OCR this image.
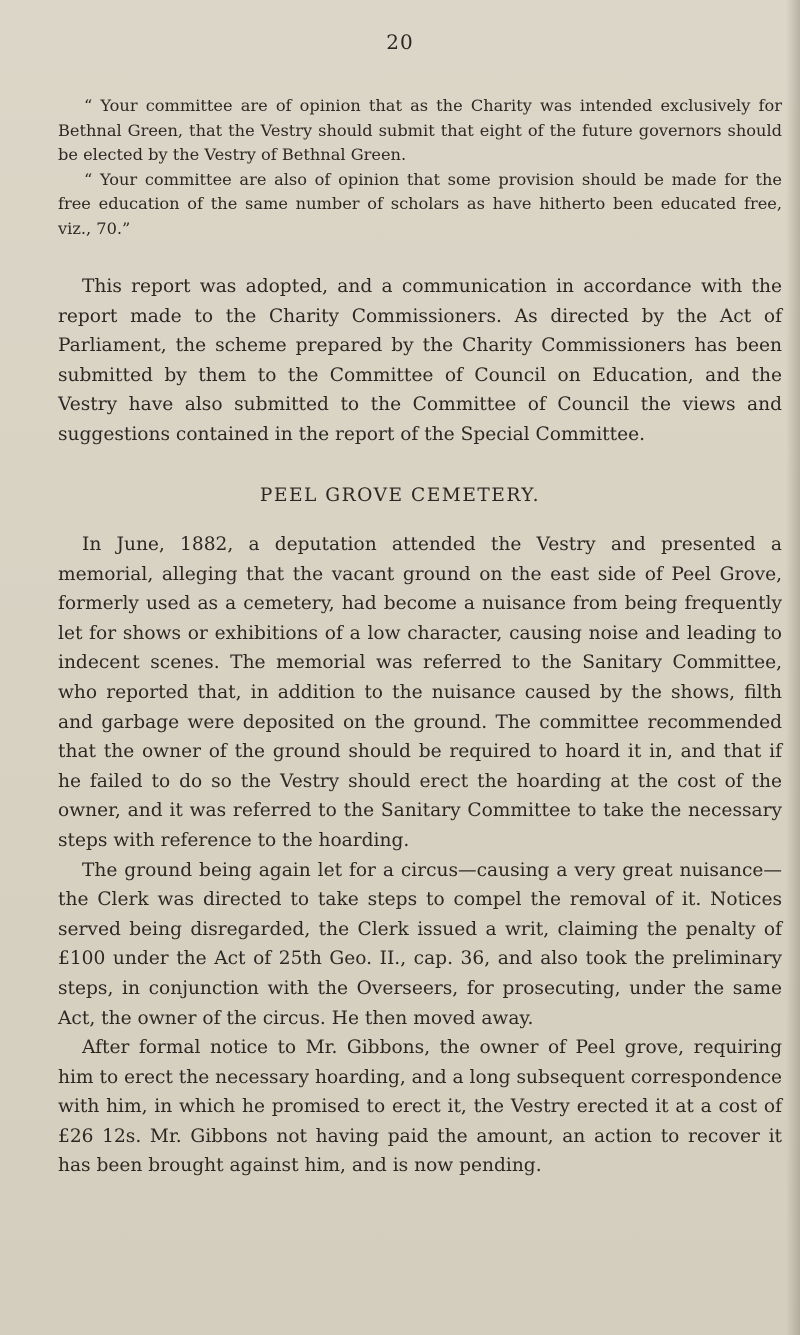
20

“ Your committee are of opinion that as the Charity was intended exclusively for Bethnal Green, that the Vestry should submit that eight of the future governors should be elected by the Vestry of Bethnal Green.

“ Your committee are also of opinion that some provision should be made for the free education of the same number of scholars as have hitherto been educated free, viz., 70.”

This report was adopted, and a communication in accordance with the report made to the Charity Commissioners. As directed by the Act of Parliament, the scheme prepared by the Charity Commissioners has been submitted by them to the Committee of Council on Education, and the Vestry have also submitted to the Committee of Council the views and suggestions contained in the report of the Special Committee.

PEEL GROVE CEMETERY.

In June, 1882, a deputation attended the Vestry and presented a memorial, alleging that the vacant ground on the east side of Peel Grove, formerly used as a cemetery, had become a nuisance from being frequently let for shows or exhibitions of a low character, causing noise and leading to indecent scenes. The memorial was referred to the Sanitary Committee, who reported that, in addition to the nuisance caused by the shows, filth and garbage were deposited on the ground. The committee recommended that the owner of the ground should be required to hoard it in, and that if he failed to do so the Vestry should erect the hoarding at the cost of the owner, and it was referred to the Sanitary Committee to take the necessary steps with reference to the hoarding.

The ground being again let for a circus—causing a very great nuisance—the Clerk was directed to take steps to compel the removal of it. Notices served being disregarded, the Clerk issued a writ, claiming the penalty of £100 under the Act of 25th Geo. II., cap. 36, and also took the preliminary steps, in conjunction with the Overseers, for prosecuting, under the same Act, the owner of the circus. He then moved away.

After formal notice to Mr. Gibbons, the owner of Peel grove, requiring him to erect the necessary hoarding, and a long subsequent correspondence with him, in which he promised to erect it, the Vestry erected it at a cost of £26 12s. Mr. Gibbons not having paid the amount, an action to recover it has been brought against him, and is now pending.
